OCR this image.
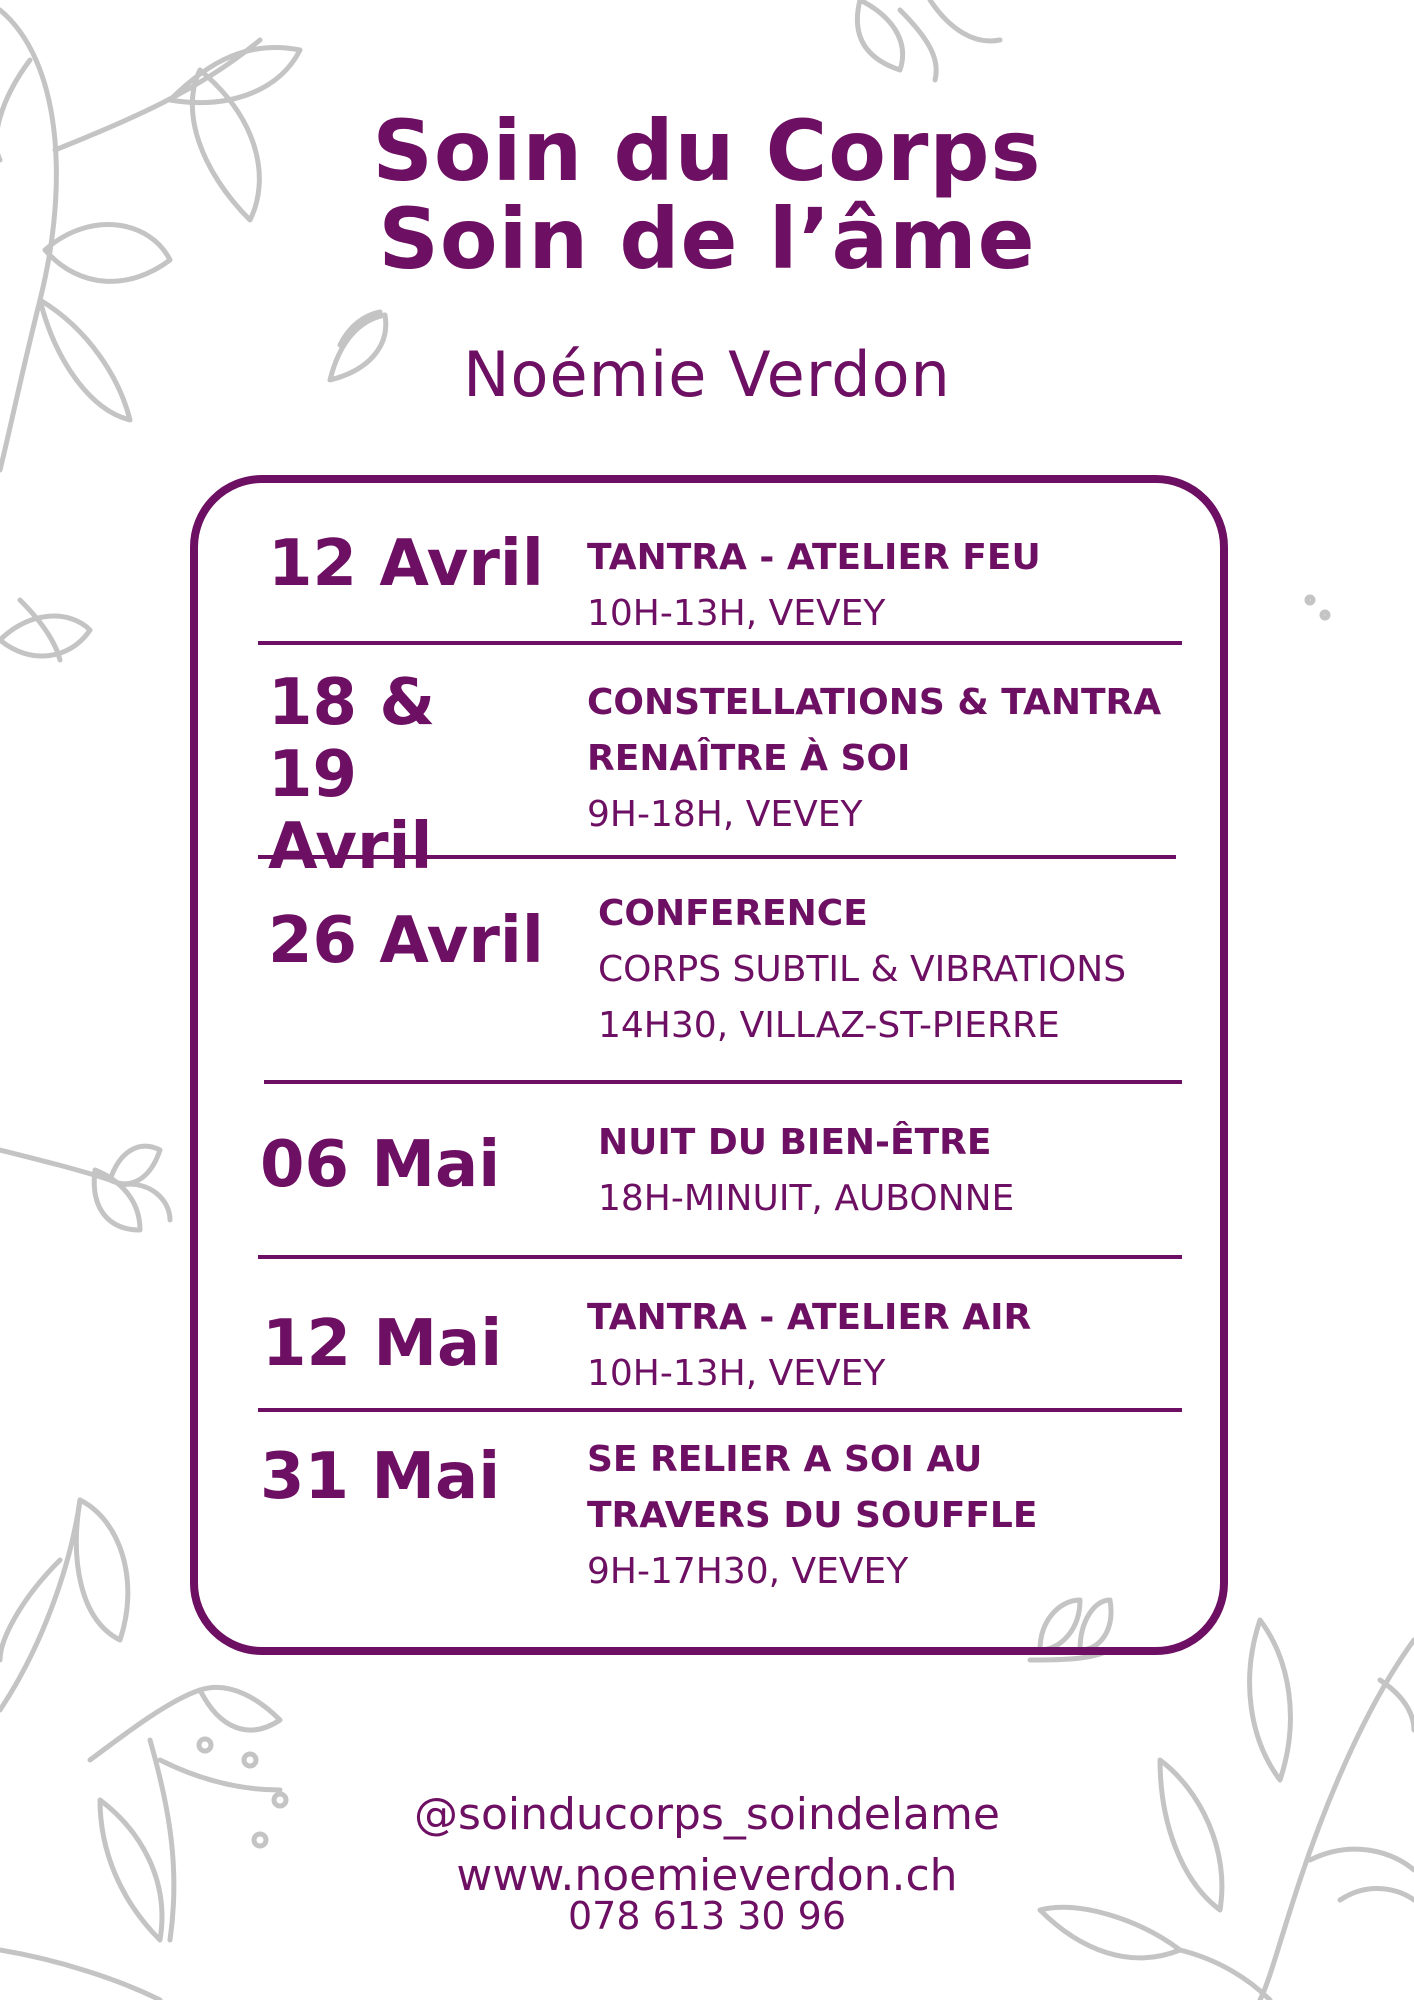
Soin du Corps
Soin de l’âme
Noémie Verdon
12 Avril TANTRA - ATELIER FEU
10H-13H, VEVEY
18 & 19 Avril
CONSTELLATIONS & TANTRA
RENAÎTRE À SOI
9H-18H, VEVEY
26 Avril CONFERENCE
CORPS SUBTIL & VIBRATIONS
14H30, VILLAZ-ST-PIERRE
06 Mai	NUIT DU BIEN-ÊTRE
18H-MINUIT, AUBONNE
12 Mai TANTRA - ATELIER AIR
10H-13H, VEVEY
31 Mai SE RELIER A SOI AU
TRAVERS DU SOUFFLE
9H-17H30, VEVEY
@soinducorps_soindelame
www.noemieverdon.ch
078 613 30 96
